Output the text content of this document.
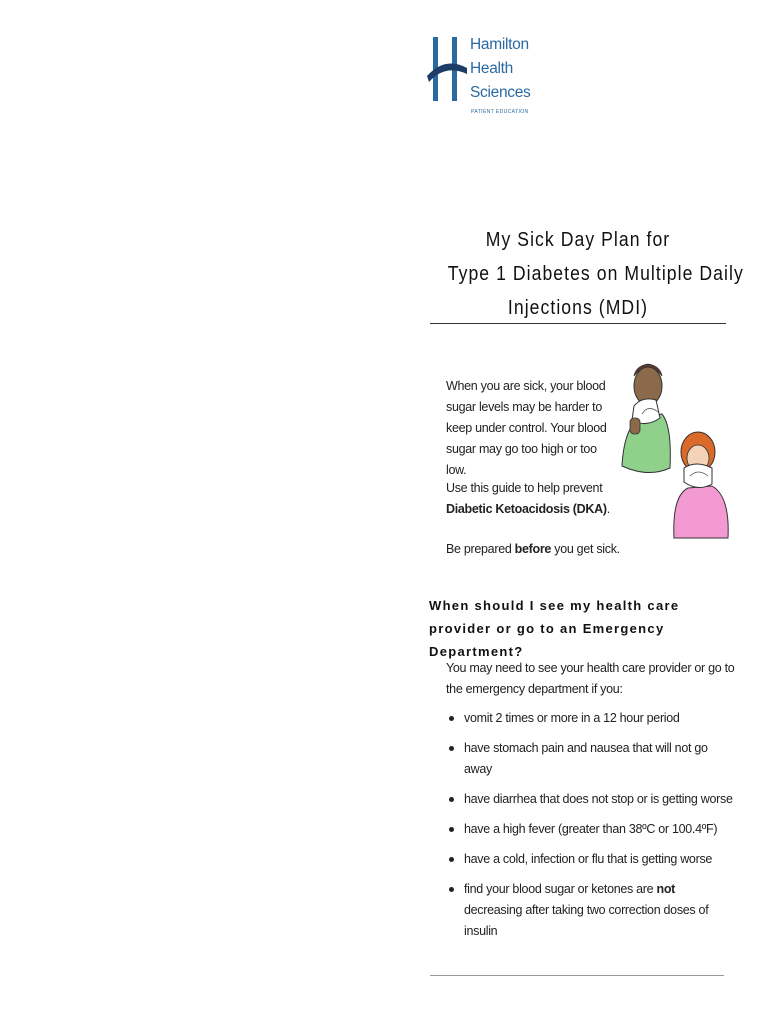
Hamilton
Health
Sciences
PATIENT EDUCATION
My Sick Day Plan for
Type 1 Diabetes on Multiple Daily
Injections (MDI)
When you are sick, your blood sugar levels may be harder to keep under control. Your blood sugar may go too high or too low.
Use this guide to help prevent Diabetic Ketoacidosis (DKA).
Be prepared before you get sick.
When should I see my health care provider or go to an Emergency Department?
You may need to see your health care provider or go to the emergency department if you:
vomit 2 times or more in a 12 hour period
have stomach pain and nausea that will not go away
have diarrhea that does not stop or is getting worse
have a high fever (greater than 38ºC or 100.4ºF)
have a cold, infection or flu that is getting worse
find your blood sugar or ketones are not decreasing after taking two correction doses of insulin
